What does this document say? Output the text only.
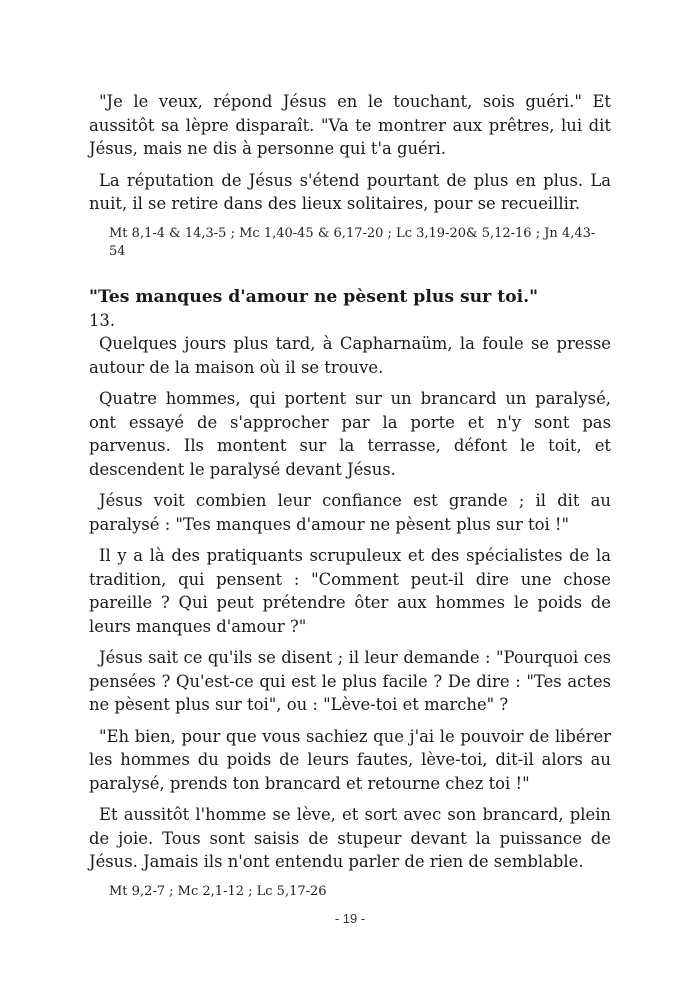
"Je le veux, répond Jésus en le touchant, sois guéri." Et aussitôt sa lèpre disparaît. "Va te montrer aux prêtres, lui dit Jésus, mais ne dis à personne qui t'a guéri.

La réputation de Jésus s'étend pourtant de plus en plus. La nuit, il se retire dans des lieux solitaires, pour se recueillir.

Mt 8,1-4 & 14,3-5 ; Mc 1,40-45 & 6,17-20 ; Lc 3,19-20& 5,12-16 ; Jn 4,43-54

"Tes manques d'amour ne pèsent plus sur toi."

13.

Quelques jours plus tard, à Capharnaüm, la foule se presse autour de la maison où il se trouve.

Quatre hommes, qui portent sur un brancard un paralysé, ont essayé de s'approcher par la porte et n'y sont pas parvenus. Ils montent sur la terrasse, défont le toit, et descendent le paralysé devant Jésus.

Jésus voit combien leur confiance est grande ; il dit au paralysé : "Tes manques d'amour ne pèsent plus sur toi !"

Il y a là des pratiquants scrupuleux et des spécialistes de la tradition, qui pensent : "Comment peut-il dire une chose pareille ? Qui peut prétendre ôter aux hommes le poids de leurs manques d'amour ?"

Jésus sait ce qu'ils se disent ; il leur demande : "Pourquoi ces pensées ? Qu'est-ce qui est le plus facile ? De dire : "Tes actes ne pèsent plus sur toi", ou : "Lève-toi et marche" ?

"Eh bien, pour que vous sachiez que j'ai le pouvoir de libérer les hommes du poids de leurs fautes, lève-toi, dit-il alors au paralysé, prends ton brancard et retourne chez toi !"

Et aussitôt l'homme se lève, et sort avec son brancard, plein de joie. Tous sont saisis de stupeur devant la puissance de Jésus. Jamais ils n'ont entendu parler de rien de semblable.

Mt 9,2-7 ; Mc 2,1-12 ; Lc 5,17-26

- 19 -
